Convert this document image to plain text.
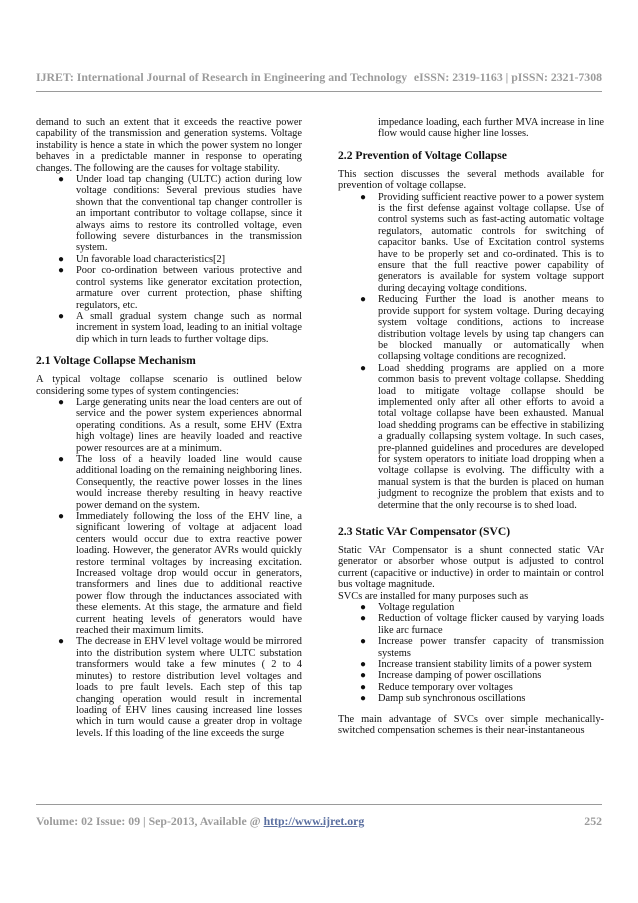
IJRET: International Journal of Research in Engineering and Technology eISSN: 2319-1163 | pISSN: 2321-7308

demand to such an extent that it exceeds the reactive power capability of the transmission and generation systems. Voltage instability is hence a state in which the power system no longer behaves in a predictable manner in response to operating changes. The following are the causes for voltage stability.

● Under load tap changing (ULTC) action during low voltage conditions: Several previous studies have shown that the conventional tap changer controller is an important contributor to voltage collapse, since it always aims to restore its controlled voltage, even following severe disturbances in the transmission system.
● Un favorable load characteristics[2]
● Poor co-ordination between various protective and control systems like generator excitation protection, armature over current protection, phase shifting regulators, etc.
● A small gradual system change such as normal increment in system load, leading to an initial voltage dip which in turn leads to further voltage dips.
2.1 Voltage Collapse Mechanism

A typical voltage collapse scenario is outlined below considering some types of system contingencies:

● Large generating units near the load centers are out of service and the power system experiences abnormal operating conditions. As a result, some EHV (Extra high voltage) lines are heavily loaded and reactive power resources are at a minimum.
● The loss of a heavily loaded line would cause additional loading on the remaining neighboring lines. Consequently, the reactive power losses in the lines would increase thereby resulting in heavy reactive power demand on the system.
● Immediately following the loss of the EHV line, a significant lowering of voltage at adjacent load centers would occur due to extra reactive power loading. However, the generator AVRs would quickly restore terminal voltages by increasing excitation. Increased voltage drop would occur in generators, transformers and lines due to additional reactive power flow through the inductances associated with these elements. At this stage, the armature and field current heating levels of generators would have reached their maximum limits.
● The decrease in EHV level voltage would be mirrored into the distribution system where ULTC substation transformers would take a few minutes ( 2 to 4 minutes) to restore distribution level voltages and loads to pre fault levels. Each step of this tap changing operation would result in incremental loading of EHV lines causing increased line losses which in turn would cause a greater drop in voltage levels. If this loading of the line exceeds the surge
impedance loading, each further MVA increase in line flow would cause higher line losses.
2.2 Prevention of Voltage Collapse

This section discusses the several methods available for prevention of voltage collapse.

● Providing sufficient reactive power to a power system is the first defense against voltage collapse. Use of control systems such as fast-acting automatic voltage regulators, automatic controls for switching of capacitor banks. Use of Excitation control systems have to be properly set and co-ordinated. This is to ensure that the full reactive power capability of generators is available for system voltage support during decaying voltage conditions.
● Reducing Further the load is another means to provide support for system voltage. During decaying system voltage conditions, actions to increase distribution voltage levels by using tap changers can be blocked manually or automatically when collapsing voltage conditions are recognized.
● Load shedding programs are applied on a more common basis to prevent voltage collapse. Shedding load to mitigate voltage collapse should be implemented only after all other efforts to avoid a total voltage collapse have been exhausted. Manual load shedding programs can be effective in stabilizing a gradually collapsing system voltage. In such cases, pre-planned guidelines and procedures are developed for system operators to initiate load dropping when a voltage collapse is evolving. The difficulty with a manual system is that the burden is placed on human judgment to recognize the problem that exists and to determine that the only recourse is to shed load.
2.3 Static VAr Compensator (SVC)

Static VAr Compensator is a shunt connected static VAr generator or absorber whose output is adjusted to control current (capacitive or inductive) in order to maintain or control bus voltage magnitude.

SVCs are installed for many purposes such as

● Voltage regulation
● Reduction of voltage flicker caused by varying loads like arc furnace
● Increase power transfer capacity of transmission systems
● Increase transient stability limits of a power system
● Increase damping of power oscillations
● Reduce temporary over voltages
● Damp sub synchronous oscillations

The main advantage of SVCs over simple mechanically-switched compensation schemes is their near-instantaneous

Volume: 02 Issue: 09 | Sep-2013, Available @ http://www.ijret.org	252
